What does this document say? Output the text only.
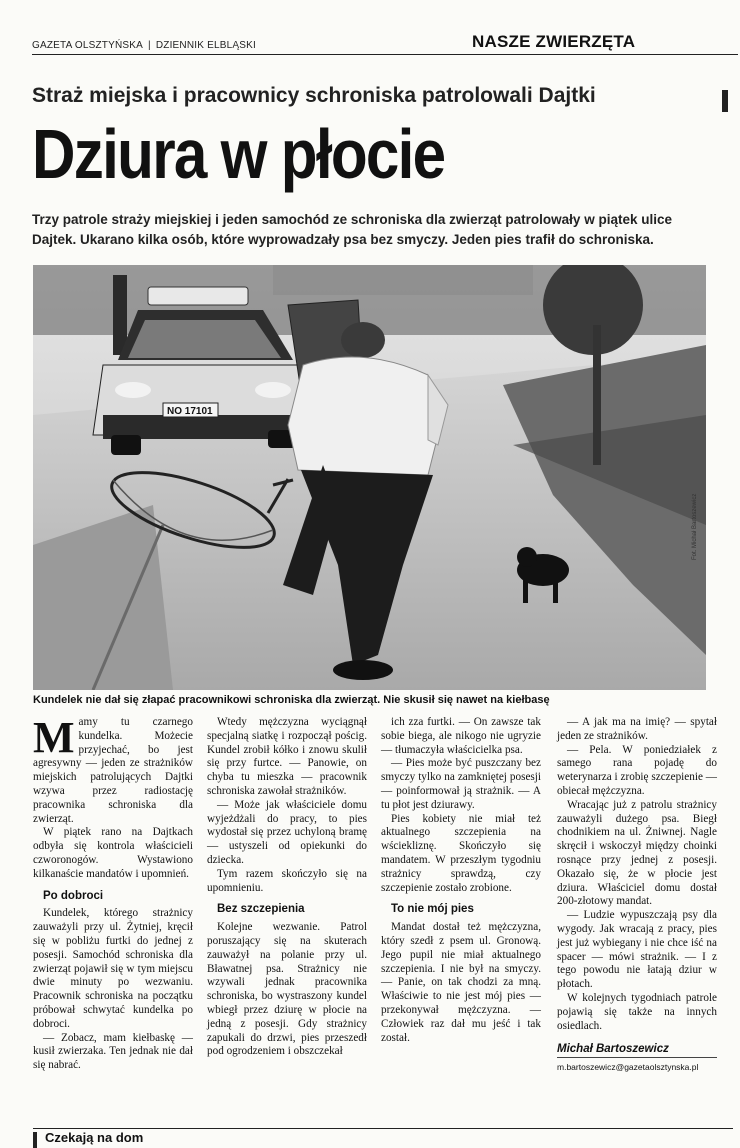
GAZETA OLSZTYŃSKA | DZIENNIK ELBLĄSKI	NASZE ZWIERZĘTA
Straż miejska i pracownicy schroniska patrolowali Dajtki
Dziura w płocie
Trzy patrole straży miejskiej i jeden samochód ze schroniska dla zwierząt patrolowały w piątek ulice Dajtek. Ukarano kilka osób, które wyprowadzały psa bez smyczy. Jeden pies trafił do schroniska.
NO 17101
Fot. Michał Bartoszewicz
Kundelek nie dał się złapać pracownikowi schroniska dla zwierząt. Nie skusił się nawet na kiełbasę

Mamy tu czarnego kundelka. Możecie przyjechać, bo jest agresywny — jeden ze strażników miejskich patrolujących Dajtki wzywa przez radiostację pracownika schroniska dla zwierząt.

W piątek rano na Dajtkach odbyła się kontrola właścicieli czworonogów. Wystawiono kilkanaście mandatów i upomnień.

Po dobroci

Kundelek, którego strażnicy zauważyli przy ul. Żytniej, kręcił się w pobliżu furtki do jednej z posesji. Samochód schroniska dla zwierząt pojawił się w tym miejscu dwie minuty po wezwaniu. Pracownik schroniska na początku próbował schwytać kundelka po dobroci.

— Zobacz, mam kiełbaskę — kusił zwierzaka. Ten jednak nie dał się nabrać.

Wtedy mężczyzna wyciągnął specjalną siatkę i rozpoczął pościg. Kundel zrobił kółko i znowu skulił się przy furtce. — Panowie, on chyba tu mieszka — pracownik schroniska zawołał strażników.

— Może jak właściciele domu wyjeżdżali do pracy, to pies wydostał się przez uchyloną bramę — ustyszeli od opiekunki do dziecka.

Tym razem skończyło się na upomnieniu.

Bez szczepienia

Kolejne wezwanie. Patrol poruszający się na skuterach zauważył na polanie przy ul. Bławatnej psa. Strażnicy nie wzywali jednak pracownika schroniska, bo wystraszony kundel wbiegł przez dziurę w płocie na jedną z posesji. Gdy strażnicy zapukali do drzwi, pies przeszedł pod ogrodzeniem i obszczekał

ich zza furtki. — On zawsze tak sobie biega, ale nikogo nie ugryzie — tłumaczyła właścicielka psa.

— Pies może być puszczany bez smyczy tylko na zamkniętej posesji — poinformował ją strażnik. — A tu płot jest dziurawy.

Pies kobiety nie miał też aktualnego szczepienia na wściekliznę. Skończyło się mandatem. W przeszłym tygodniu strażnicy sprawdzą, czy szczepienie zostało zrobione.

To nie mój pies

Mandat dostał też mężczyzna, który szedł z psem ul. Gronową. Jego pupil nie miał aktualnego szczepienia. I nie był na smyczy. — Panie, on tak chodzi za mną. Właściwie to nie jest mój pies — przekonywał mężczyzna. — Człowiek raz dał mu jeść i tak został.

— A jak ma na imię? — spytał jeden ze strażników.

— Pela. W poniedziałek z samego rana pojadę do weterynarza i zrobię szczepienie — obiecał mężczyzna.

Wracając już z patrolu strażnicy zauważyli dużego psa. Biegł chodnikiem na ul. Żniwnej. Nagle skręcił i wskoczył między choinki rosnące przy jednej z posesji. Okazało się, że w płocie jest dziura. Właściciel domu dostał 200-złotowy mandat.

— Ludzie wypuszczają psy dla wygody. Jak wracają z pracy, pies jest już wybiegany i nie chce iść na spacer — mówi strażnik. — I z tego powodu nie łatają dziur w płotach.

W kolejnych tygodniach patrole pojawią się także na innych osiedlach.

Michał Bartoszewicz
m.bartoszewicz@gazetaolsztynska.pl
Czekają na dom
